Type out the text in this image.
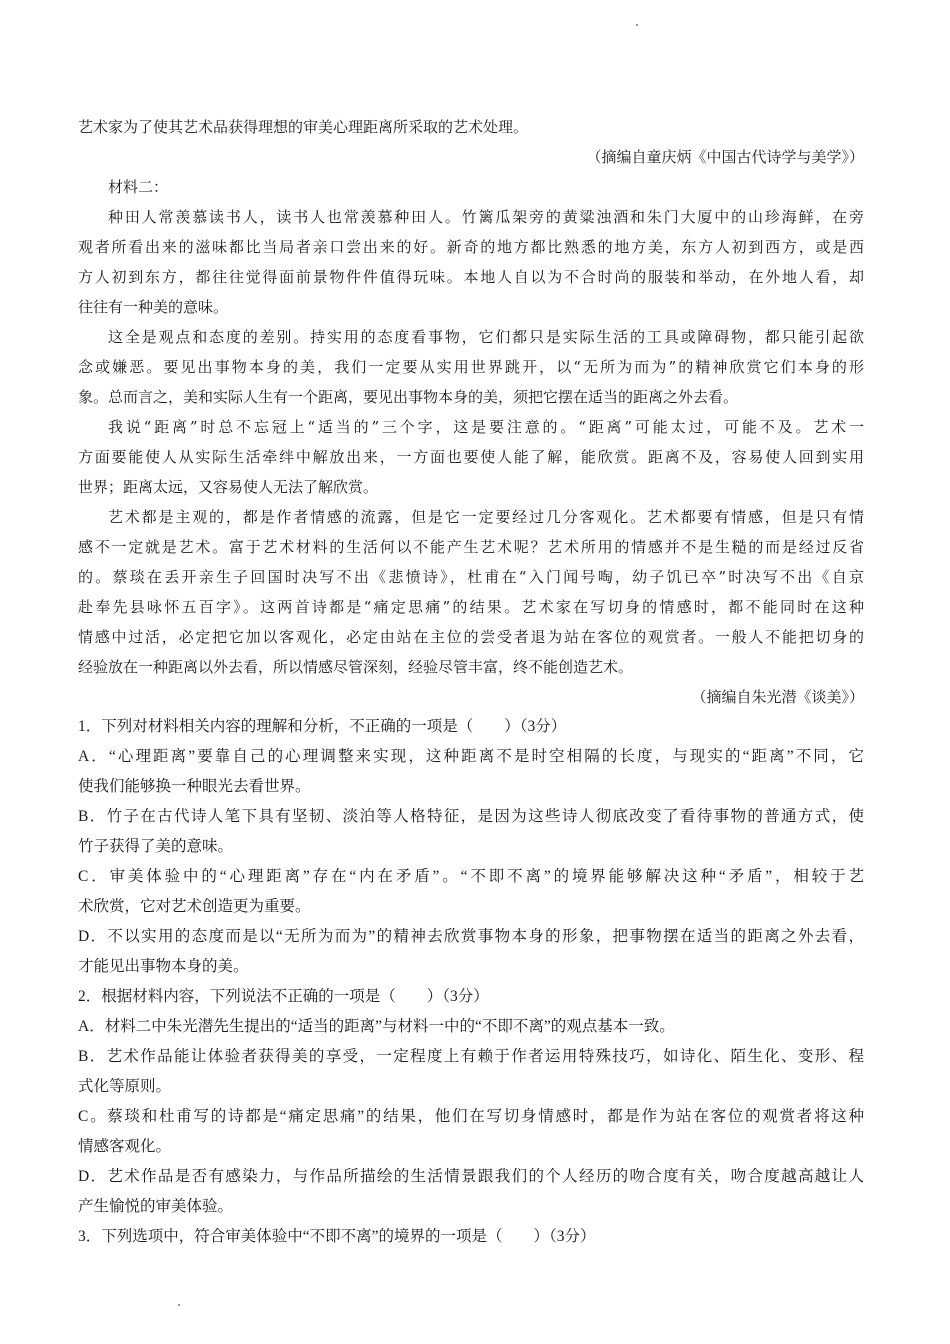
艺术家为了使其艺术品获得理想的审美心理距离所采取的艺术处理。
（摘编自童庆炳《中国古代诗学与美学》）
材料二：
种田人常羡慕读书人，读书人也常羡慕种田人。竹篱瓜架旁的黄粱浊酒和朱门大厦中的山珍海鲜，在旁
观者所看出来的滋味都比当局者亲口尝出来的好。新奇的地方都比熟悉的地方美，东方人初到西方，或是西
方人初到东方，都往往觉得面前景物件件值得玩味。本地人自以为不合时尚的服装和举动，在外地人看，却
往往有一种美的意味。
这全是观点和态度的差别。持实用的态度看事物，它们都只是实际生活的工具或障碍物，都只能引起欲
念或嫌恶。要见出事物本身的美，我们一定要从实用世界跳开，以“无所为而为”的精神欣赏它们本身的形
象。总而言之，美和实际人生有一个距离，要见出事物本身的美，须把它摆在适当的距离之外去看。
我说“距离”时总不忘冠上“适当的”三个字，这是要注意的。“距离”可能太过，可能不及。艺术一
方面要能使人从实际生活牵绊中解放出来，一方面也要使人能了解，能欣赏。距离不及，容易使人回到实用
世界；距离太远，又容易使人无法了解欣赏。
艺术都是主观的，都是作者情感的流露，但是它一定要经过几分客观化。艺术都要有情感，但是只有情
感不一定就是艺术。富于艺术材料的生活何以不能产生艺术呢？艺术所用的情感并不是生糙的而是经过反省
的。蔡琰在丢开亲生子回国时决写不出《悲愤诗》，杜甫在“入门闻号啕，幼子饥已卒”时决写不出《自京
赴奉先县咏怀五百字》。这两首诗都是“痛定思痛”的结果。艺术家在写切身的情感时，都不能同时在这种
情感中过活，必定把它加以客观化，必定由站在主位的尝受者退为站在客位的观赏者。一般人不能把切身的
经验放在一种距离以外去看，所以情感尽管深刻，经验尽管丰富，终不能创造艺术。
（摘编自朱光潜《谈美》）
1．下列对材料相关内容的理解和分析，不正确的一项是（　　）（3分）
A．“心理距离”要靠自己的心理调整来实现，这种距离不是时空相隔的长度，与现实的“距离”不同，它
使我们能够换一种眼光去看世界。
B．竹子在古代诗人笔下具有坚韧、淡泊等人格特征，是因为这些诗人彻底改变了看待事物的普通方式，使
竹子获得了美的意味。
C．审美体验中的“心理距离”存在“内在矛盾”。“不即不离”的境界能够解决这种“矛盾”，相较于艺
术欣赏，它对艺术创造更为重要。
D．不以实用的态度而是以“无所为而为”的精神去欣赏事物本身的形象，把事物摆在适当的距离之外去看，
才能见出事物本身的美。
2．根据材料内容，下列说法不正确的一项是（　　）（3分）
A．材料二中朱光潜先生提出的“适当的距离”与材料一中的“不即不离”的观点基本一致。
B．艺术作品能让体验者获得美的享受，一定程度上有赖于作者运用特殊技巧，如诗化、陌生化、变形、程
式化等原则。
C。蔡琰和杜甫写的诗都是“痛定思痛”的结果，他们在写切身情感时，都是作为站在客位的观赏者将这种
情感客观化。
D．艺术作品是否有感染力，与作品所描绘的生活情景跟我们的个人经历的吻合度有关，吻合度越高越让人
产生愉悦的审美体验。
3．下列选项中，符合审美体验中“不即不离”的境界的一项是（　　）（3分）
